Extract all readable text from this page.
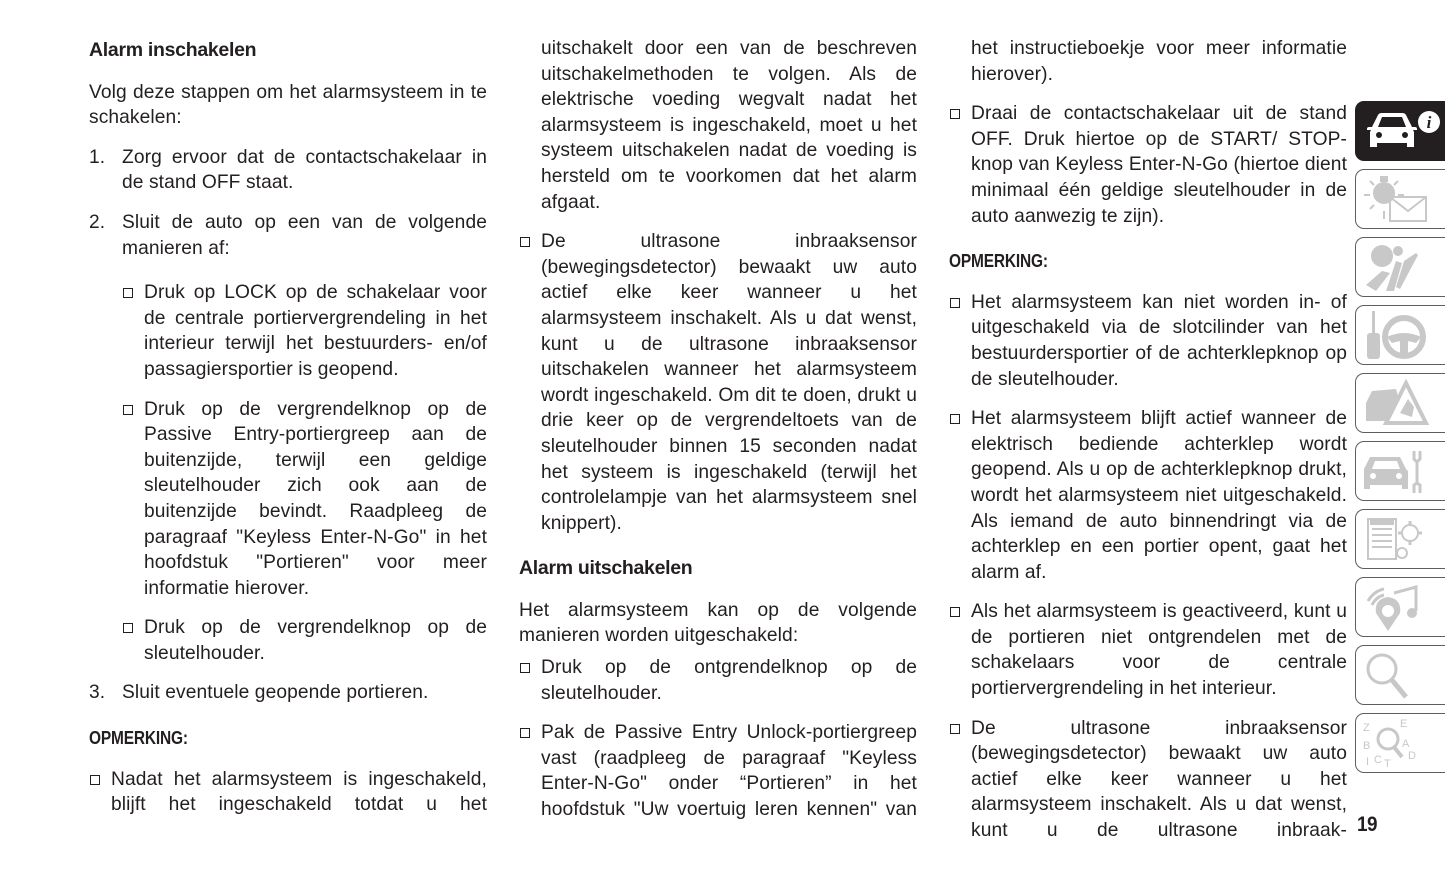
Alarm inschakelen

Volg deze stappen om het alarmsysteem in te schakelen:

1. Zorg ervoor dat de contactschakelaar in de stand OFF staat.
2. Sluit de auto op een van de volgende manieren af:
Druk op LOCK op de schakelaar voor de centrale portiervergrendeling in het interieur terwijl het bestuurders- en/of passagiersportier is geopend.
Druk op de vergrendelknop op de Passive Entry-portiergreep aan de buitenzijde, terwijl een geldige sleutelhouder zich ook aan de buitenzijde bevindt. Raadpleeg de paragraaf "Keyless Enter-N-Go" in het hoofdstuk "Portieren" voor meer informatie hierover.
Druk op de vergrendelknop op de sleutelhouder.
3. Sluit eventuele geopende portieren.
OPMERKING:
Nadat het alarmsysteem is ingeschakeld, blijft het ingeschakeld totdat u het

uitschakelt door een van de beschreven uitschakelmethoden te volgen. Als de elektrische voeding wegvalt nadat het alarmsysteem is ingeschakeld, moet u het systeem uitschakelen nadat de voeding is hersteld om te voorkomen dat het alarm afgaat.

De ultrasone inbraaksensor (bewegingsdetector) bewaakt uw auto actief elke keer wanneer u het alarmsysteem inschakelt. Als u dat wenst, kunt u de ultrasone inbraaksensor uitschakelen wanneer het alarmsysteem wordt ingeschakeld. Om dit te doen, drukt u drie keer op de vergrendeltoets van de sleutelhouder binnen 15 seconden nadat het systeem is ingeschakeld (terwijl het controlelampje van het alarmsysteem snel knippert).
Alarm uitschakelen

Het alarmsysteem kan op de volgende manieren worden uitgeschakeld:

Druk op de ontgrendelknop op de sleutelhouder.
Pak de Passive Entry Unlock-portiergreep vast (raadpleeg de paragraaf "Keyless Enter-N-Go" onder “Portieren” in het hoofdstuk "Uw voertuig leren kennen" van

het instructieboekje voor meer informatie hierover).

Draai de contactschakelaar uit de stand OFF. Druk hiertoe op de START/ STOP-knop van Keyless Enter-N-Go (hiertoe dient minimaal één geldige sleutelhouder in de auto aanwezig te zijn).
OPMERKING:
Het alarmsysteem kan niet worden in- of uitgeschakeld via de slotcilinder van het bestuurdersportier of de achterklepknop op de sleutelhouder.
Het alarmsysteem blijft actief wanneer de elektrisch bediende achterklep wordt geopend. Als u op de achterklepknop drukt, wordt het alarmsysteem niet uitgeschakeld. Als iemand de auto binnendringt via de achterklep en een portier opent, gaat het alarm af.
Als het alarmsysteem is geactiveerd, kunt u de portieren niet ontgrendelen met de schakelaars voor de centrale portiervergrendeling in het interieur.
De ultrasone inbraaksensor (bewegingsdetector) bewaakt uw auto actief elke keer wanneer u het alarmsysteem inschakelt. Als u dat wenst, kunt u de ultrasone inbraak-
i
Z	E
B	A
I C T
D
19
